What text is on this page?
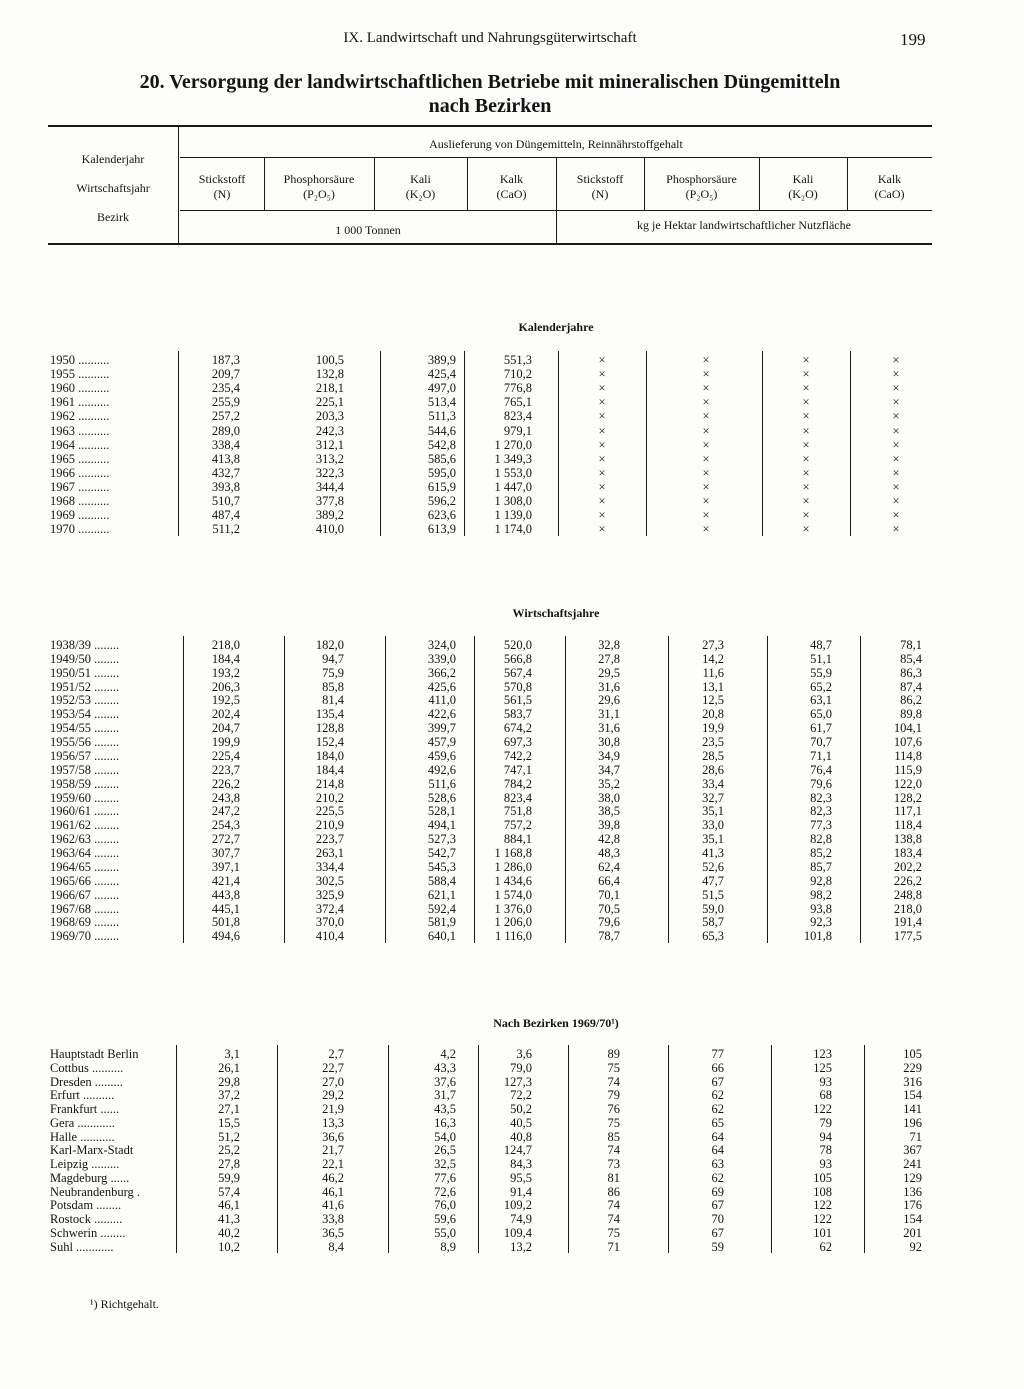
IX. Landwirtschaft und Nahrungsgüterwirtschaft	199
20. Versorgung der landwirtschaftlichen Betriebe mit mineralischen Düngemitteln
nach Bezirken
Kalenderjahr
Wirtschaftsjahr
Bezirk
Auslieferung von Düngemitteln, Reinnährstoffgehalt
Stickstoff
(N)
Phosphorsäure
(P₂O₅)
Kali
(K₂O)
Kalk
(CaO)
Stickstoff
(N)
Phosphorsäure
(P₂O₅)
Kali
(K₂O)
Kalk
(CaO)
1 000 Tonnen	kg je Hektar landwirtschaftlicher Nutzfläche
Kalenderjahre
1950 ..........	187,3	100,5	389,9	551,3	×	×	×	×
1955 ..........	209,7	132,8	425,4	710,2	×	×	×	×
1960 ..........	235,4	218,1	497,0	776,8	×	×	×	×
1961 ..........	255,9	225,1	513,4	765,1	×	×	×	×
1962 ..........	257,2	203,3	511,3	823,4	×	×	×	×
1963 ..........	289,0	242,3	544,6	979,1	×	×	×	×
1964 ..........	338,4	312,1	542,8	1 270,0	×	×	×	×
1965 ..........	413,8	313,2	585,6	1 349,3	×	×	×	×
1966 ..........	432,7	322,3	595,0	1 553,0	×	×	×	×
1967 ..........	393,8	344,4	615,9	1 447,0	×	×	×	×
1968 ..........	510,7	377,8	596,2	1 308,0	×	×	×	×
1969 ..........	487,4	389,2	623,6	1 139,0	×	×	×	×
1970 ..........	511,2	410,0	613,9	1 174,0	×	×	×	×
Wirtschaftsjahre
1938/39 ........	218,0	182,0	324,0	520,0	32,8	27,3	48,7	78,1
1949/50 ........	184,4	94,7	339,0	566,8	27,8	14,2	51,1	85,4
1950/51 ........	193,2	75,9	366,2	567,4	29,5	11,6	55,9	86,3
1951/52 ........	206,3	85,8	425,6	570,8	31,6	13,1	65,2	87,4
1952/53 ........	192,5	81,4	411,0	561,5	29,6	12,5	63,1	86,2
1953/54 ........	202,4	135,4	422,6	583,7	31,1	20,8	65,0	89,8
1954/55 ........	204,7	128,8	399,7	674,2	31,6	19,9	61,7	104,1
1955/56 ........	199,9	152,4	457,9	697,3	30,8	23,5	70,7	107,6
1956/57 ........	225,4	184,0	459,6	742,2	34,9	28,5	71,1	114,8
1957/58 ........	223,7	184,4	492,6	747,1	34,7	28,6	76,4	115,9
1958/59 ........	226,2	214,8	511,6	784,2	35,2	33,4	79,6	122,0
1959/60 ........	243,8	210,2	528,6	823,4	38,0	32,7	82,3	128,2
1960/61 ........	247,2	225,5	528,1	751,8	38,5	35,1	82,3	117,1
1961/62 ........	254,3	210,9	494,1	757,2	39,8	33,0	77,3	118,4
1962/63 ........	272,7	223,7	527,3	884,1	42,8	35,1	82,8	138,8
1963/64 ........	307,7	263,1	542,7	1 168,8	48,3	41,3	85,2	183,4
1964/65 ........	397,1	334,4	545,3	1 286,0	62,4	52,6	85,7	202,2
1965/66 ........	421,4	302,5	588,4	1 434,6	66,4	47,7	92,8	226,2
1966/67 ........	443,8	325,9	621,1	1 574,0	70,1	51,5	98,2	248,8
1967/68 ........	445,1	372,4	592,4	1 376,0	70,5	59,0	93,8	218,0
1968/69 ........	501,8	370,0	581,9	1 206,0	79,6	58,7	92,3	191,4
1969/70 ........	494,6	410,4	640,1	1 116,0	78,7	65,3	101,8	177,5
Nach Bezirken 1969/70¹)
Hauptstadt Berlin	3,1	2,7	4,2	3,6	89	77	123	105
Cottbus ..........	26,1	22,7	43,3	79,0	75	66	125	229
Dresden .........	29,8	27,0	37,6	127,3	74	67	93	316
Erfurt ..........	37,2	29,2	31,7	72,2	79	62	68	154
Frankfurt ......	27,1	21,9	43,5	50,2	76	62	122	141
Gera ............	15,5	13,3	16,3	40,5	75	65	79	196
Halle ...........	51,2	36,6	54,0	40,8	85	64	94	71
Karl-Marx-Stadt	25,2	21,7	26,5	124,7	74	64	78	367
Leipzig .........	27,8	22,1	32,5	84,3	73	63	93	241
Magdeburg ......	59,9	46,2	77,6	95,5	81	62	105	129
Neubrandenburg .	57,4	46,1	72,6	91,4	86	69	108	136
Potsdam ........	46,1	41,6	76,0	109,2	74	67	122	176
Rostock .........	41,3	33,8	59,6	74,9	74	70	122	154
Schwerin ........	40,2	36,5	55,0	109,4	75	67	101	201
Suhl ............	10,2	8,4	8,9	13,2	71	59	62	92
¹) Richtgehalt.
